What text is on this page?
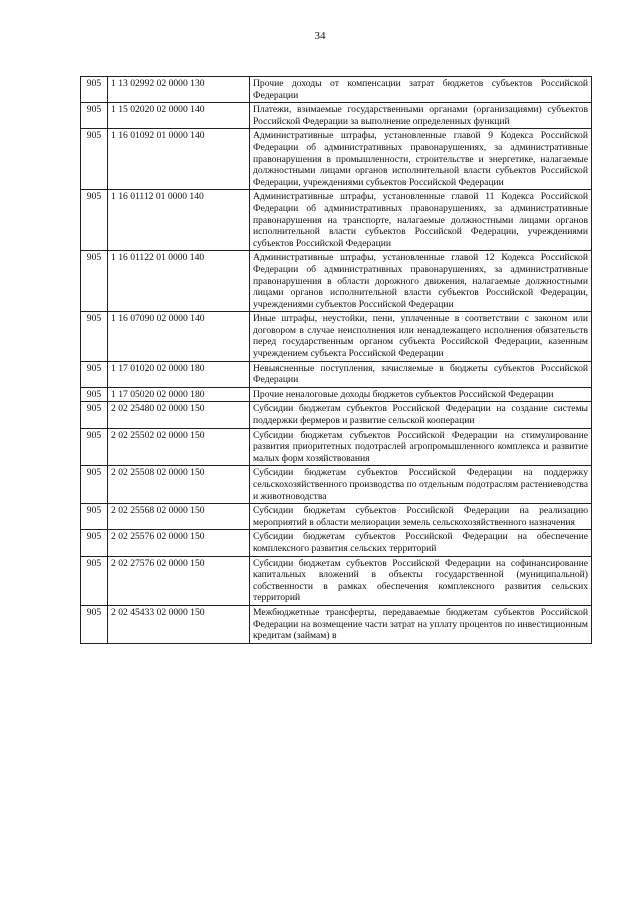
34
905	1 13 02992 02 0000 130	Прочие доходы от компенсации затрат бюджетов субъектов Российской Федерации
905	1 15 02020 02 0000 140	Платежи, взимаемые государственными органами (организациями) субъектов Российской Федерации за выполнение определенных функций
905	1 16 01092 01 0000 140	Административные штрафы, установленные главой 9 Кодекса Российской Федерации об административных правонарушениях, за административные правонарушения в промышленности, строительстве и энергетике, налагаемые должностными лицами органов исполнительной власти субъектов Российской Федерации, учреждениями субъектов Российской Федерации
905	1 16 01112 01 0000 140	Административные штрафы, установленные главой 11 Кодекса Российской Федерации об административных правонарушениях, за административные правонарушения на транспорте, налагаемые должностными лицами органов исполнительной власти субъектов Российской Федерации, учреждениями субъектов Российской Федерации
905	1 16 01122 01 0000 140	Административные штрафы, установленные главой 12 Кодекса Российской Федерации об административных правонарушениях, за административные правонарушения в области дорожного движения, налагаемые должностными лицами органов исполнительной власти субъектов Российской Федерации, учреждениями субъектов Российской Федерации
905	1 16 07090 02 0000 140	Иные штрафы, неустойки, пени, уплаченные в соответствии с законом или договором в случае неисполнения или ненадлежащего исполнения обязательств перед государственным органом субъекта Российской Федерации, казенным учреждением субъекта Российской Федерации
905	1 17 01020 02 0000 180	Невыясненные поступления, зачисляемые в бюджеты субъектов Российской Федерации
905	1 17 05020 02 0000 180	Прочие неналоговые доходы бюджетов субъектов Российской Федерации
905	2 02 25480 02 0000 150	Субсидии бюджетам субъектов Российской Федерации на создание системы поддержки фермеров и развитие сельской кооперации
905	2 02 25502 02 0000 150	Субсидии бюджетам субъектов Российской Федерации на стимулирование развития приоритетных подотраслей агропромышленного комплекса и развитие малых форм хозяйствования
905	2 02 25508 02 0000 150	Субсидии бюджетам субъектов Российской Федерации на поддержку сельскохозяйственного производства по отдельным подотраслям растениеводства и животноводства
905	2 02 25568 02 0000 150	Субсидии бюджетам субъектов Российской Федерации на реализацию мероприятий в области мелиорации земель сельскохозяйственного назначения
905	2 02 25576 02 0000 150	Субсидии бюджетам субъектов Российской Федерации на обеспечение комплексного развития сельских территорий
905	2 02 27576 02 0000 150	Субсидии бюджетам субъектов Российской Федерации на софинансирование капитальных вложений в объекты государственной (муниципальной) собственности в рамках обеспечения комплексного развития сельских территорий
905	2 02 45433 02 0000 150	Межбюджетные трансферты, передаваемые бюджетам субъектов Российской Федерации на возмещение части затрат на уплату процентов по инвестиционным кредитам (займам) в
